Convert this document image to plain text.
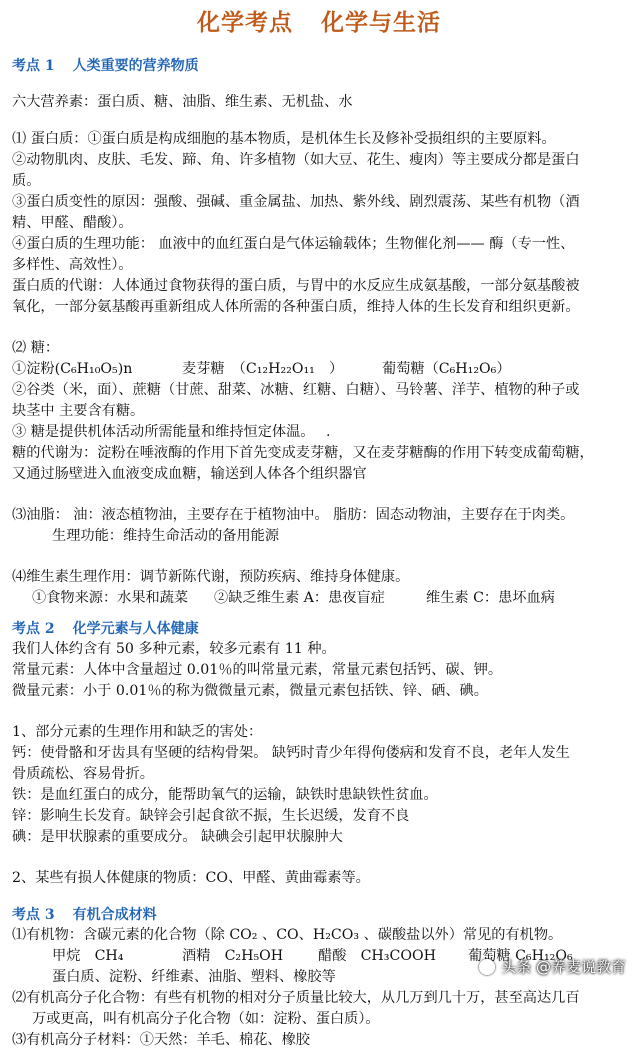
化学考点 化学与生活
考点 1 人类重要的营养物质

六大营养素：蛋白质、糖、油脂、维生素、无机盐、水

⑴ 蛋白质：①蛋白质是构成细胞的基本物质，是机体生长及修补受损组织的主要原料。

②动物肌肉、皮肤、毛发、蹄、角、许多植物（如大豆、花生、瘦肉）等主要成分都是蛋白

质。

③蛋白质变性的原因：强酸、强碱、重金属盐、加热、紫外线、剧烈震荡、某些有机物（酒

精、甲醛、醋酸）。

④蛋白质的生理功能： 血液中的血红蛋白是气体运输载体；生物催化剂—— 酶（专一性、

多样性、高效性）。

蛋白质的代谢：人体通过食物获得的蛋白质，与胃中的水反应生成氨基酸，一部分氨基酸被

氧化，一部分氨基酸再重新组成人体所需的各种蛋白质，维持人体的生长发育和组织更新。

⑵ 糖：

①淀粉(C₆H₁₀O₅)n	麦芽糖　（C₁₂H₂₂O₁₁　）	葡萄糖（C₆H₁₂O₆）

②谷类（米，面）、蔗糖（甘蔗、甜菜、冰糖、红糖、白糖）、马铃薯、洋芋、植物的种子或

块茎中 主要含有糖。

③ 糖是提供机体活动所需能量和维持恒定体温。　 .

糖的代谢为：淀粉在唾液酶的作用下首先变成麦芽糖，又在麦芽糖酶的作用下转变成葡萄糖，

又通过肠壁进入血液变成血糖，输送到人体各个组织器官

⑶油脂： 油：液态植物油，主要存在于植物油中。 脂肪：固态动物油，主要存在于肉类。

生理功能：维持生命活动的备用能源

⑷维生素生理作用：调节新陈代谢，预防疾病、维持身体健康。

①食物来源：水果和蔬菜 ②缺乏维生素 A：患夜盲症	维生素 C：患坏血病

考点 2 化学元素与人体健康

我们人体约含有 50 多种元素，较多元素有 11 种。

常量元素：人体中含量超过 0.01％的叫常量元素，常量元素包括钙、碳、钾。

微量元素：小于 0.01％的称为微微量元素，微量元素包括铁、锌、硒、碘。

1、部分元素的生理作用和缺乏的害处：

钙：使骨骼和牙齿具有坚硬的结构骨架。 缺钙时青少年得佝偻病和发育不良，老年人发生

骨质疏松、容易骨折。

铁：是血红蛋白的成分，能帮助氧气的运输，缺铁时患缺铁性贫血。

锌：影响生长发育。缺锌会引起食欲不振，生长迟缓，发育不良

碘：是甲状腺素的重要成分。 缺碘会引起甲状腺肿大

2、某些有损人体健康的物质：CO、甲醛、黄曲霉素等。

考点 3 有机合成材料

⑴有机物：含碳元素的化合物（除 CO₂ 、CO、H₂CO₃ 、碳酸盐以外）常见的有机物。

甲烷　CH₄	酒精　C₂H₅OH 醋酸　CH₃COOH 葡萄糖 C₆H₁₂O₆

蛋白质、淀粉、纤维素、油脂、塑料、橡胶等

⑵有机高分子化合物：有些有机物的相对分子质量比较大，从几万到几十万，甚至高达几百

万或更高，叫有机高分子化合物（如：淀粉、蛋白质）。

⑶有机高分子材料：①天然：羊毛、棉花、橡胶

头条 @养麦说教育
